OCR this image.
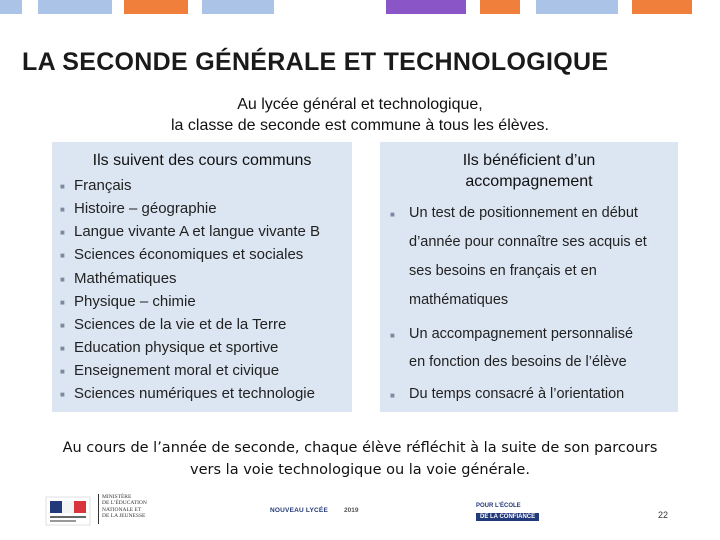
LA SECONDE GÉNÉRALE ET TECHNOLOGIQUE
Au lycée général et technologique,
la classe de seconde est commune à tous les élèves.
Ils suivent des cours communs
■ Français
■ Histoire – géographie
■ Langue vivante A et langue vivante B
■ Sciences économiques et sociales
■ Mathématiques
■ Physique – chimie
■ Sciences de la vie et de la Terre
■ Education physique et sportive
■ Enseignement moral et civique
■ Sciences numériques et technologie
Ils bénéficient d’un
accompagnement
■ Un test de positionnement en début
d’année pour connaître ses acquis et
ses besoins en français et en
mathématiques
■ Un accompagnement personnalisé
en fonction des besoins de l’élève
■ Du temps consacré à l’orientation
Au cours de l’année de seconde, chaque élève réfléchit à la suite de son parcours
vers la voie technologique ou la voie générale.
MINISTÈRE
DE L’ÉDUCATION
NATIONALE ET
DE LA JEUNESSE
NOUVEAU LYCÉE 2019
POUR L’ÉCOLE
DE LA CONFIANCE	22
